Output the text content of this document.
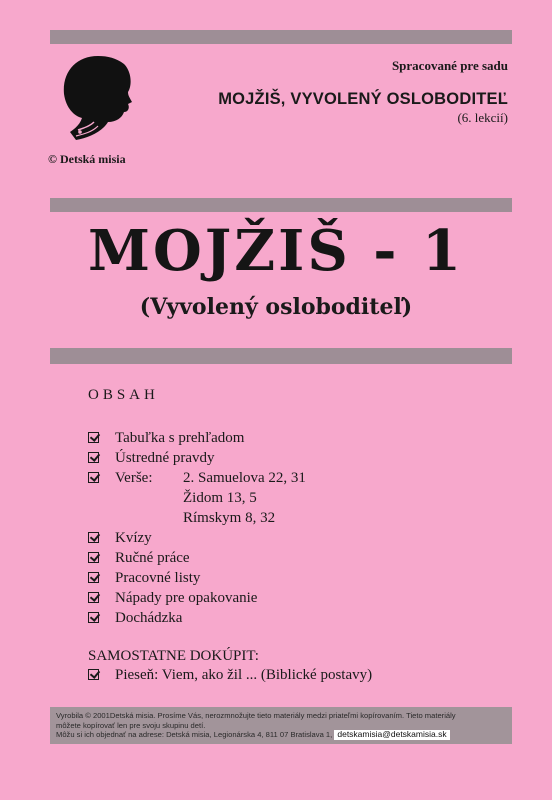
© Detská misia
Spracované pre sadu
MOJŽIŠ, VYVOLENÝ OSLOBODITEĽ
(6. lekcií)
MOJŽIŠ - 1
(Vyvolený osloboditeľ)
OBSAH
Tabuľka s prehľadom
Ústredné pravdy
Verše: 2. Samuelova 22, 31
Židom 13, 5
Rímskym 8, 32
Kvízy
Ručné práce
Pracovné listy
Nápady pre opakovanie
Dochádzka
SAMOSTATNE DOKÚPIT:
Pieseň: Viem, ako žil ... (Biblické postavy)
Vyrobila © 2001Detská misia. Prosíme Vás, nerozmnožujte tieto materiály medzi priateľmi kopírovaním. Tieto materiály
môžete kopírovať len pre svoju skupinu detí.
Môžu si ich objednať na adrese: Detská misia, Legionárska 4, 811 07 Bratislava 1, detskamisia@detskamisia.sk
